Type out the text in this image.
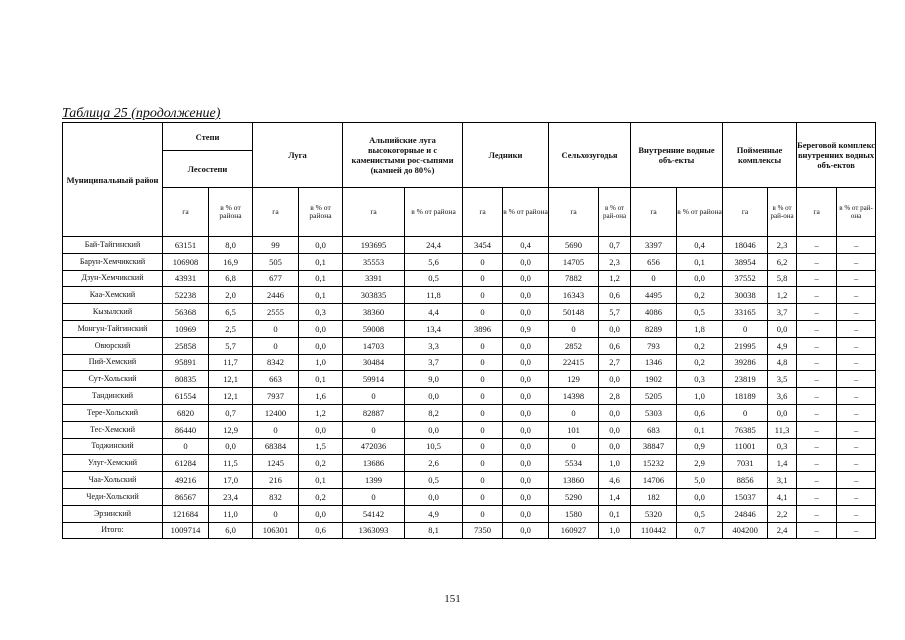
Таблица 25 (продолжение)
Муниципальный район	Степи		Луга		Альпийские луга высокогорные и с каменистыми рос-сыпями (камней до 80%)		Ледники		Сельхозугодья		Внутренние водные объ-екты		Пойменные комплексы		Береговой комплекс внутренних водных объ-ектов	
	Лесостепи															
	га	в % от района	га	в % от района	га	в % от района	га	в % от района	га	в % от рай-она	га	в % от района	га	в % от рай-она	га	в % от рай-она
Бай-Тайгинский	63151	8,0	99	0,0	193695	24,4	3454	0,4	5690	0,7	3397	0,4	18046	2,3	–	–
Барун-Хемчикский	106908	16,9	505	0,1	35553	5,6	0	0,0	14705	2,3	656	0,1	38954	6,2	–	–
Дзун-Хемчикский	43931	6,8	677	0,1	3391	0,5	0	0,0	7882	1,2	0	0,0	37552	5,8	–	–
Каа-Хемский	52238	2,0	2446	0,1	303835	11,8	0	0,0	16343	0,6	4495	0,2	30038	1,2	–	–
Кызылский	56368	6,5	2555	0,3	38360	4,4	0	0,0	50148	5,7	4086	0,5	33165	3,7	–	–
Монгун-Тайгинский	10969	2,5	0	0,0	59008	13,4	3896	0,9	0	0,0	8289	1,8	0	0,0	–	–
Овюрский	25858	5,7	0	0,0	14703	3,3	0	0,0	2852	0,6	793	0,2	21995	4,9	–	–
Пий-Хемский	95891	11,7	8342	1,0	30484	3,7	0	0,0	22415	2,7	1346	0,2	39286	4,8	–	–
Сут-Хольский	80835	12,1	663	0,1	59914	9,0	0	0,0	129	0,0	1902	0,3	23819	3,5	–	–
Тандинский	61554	12,1	7937	1,6	0	0,0	0	0,0	14398	2,8	5205	1,0	18189	3,6	–	–
Тере-Хольский	6820	0,7	12400	1,2	82887	8,2	0	0,0	0	0,0	5303	0,6	0	0,0	–	–
Тес-Хемский	86440	12,9	0	0,0	0	0,0	0	0,0	101	0,0	683	0,1	76385	11,3	–	–
Тоджинский	0	0,0	68384	1,5	472036	10,5	0	0,0	0	0,0	38847	0,9	11001	0,3	–	–
Улуг-Хемский	61284	11,5	1245	0,2	13686	2,6	0	0,0	5534	1,0	15232	2,9	7031	1,4	–	–
Чаа-Хольский	49216	17,0	216	0,1	1399	0,5	0	0,0	13860	4,6	14706	5,0	8856	3,1	–	–
Чеди-Хольский	86567	23,4	832	0,2	0	0,0	0	0,0	5290	1,4	182	0,0	15037	4,1	–	–
Эрзинский	121684	11,0	0	0,0	54142	4,9	0	0,0	1580	0,1	5320	0,5	24846	2,2	–	–
Итого:	1009714	6,0	106301	0,6	1363093	8,1	7350	0,0	160927	1,0	110442	0,7	404200	2,4	–	–
151
